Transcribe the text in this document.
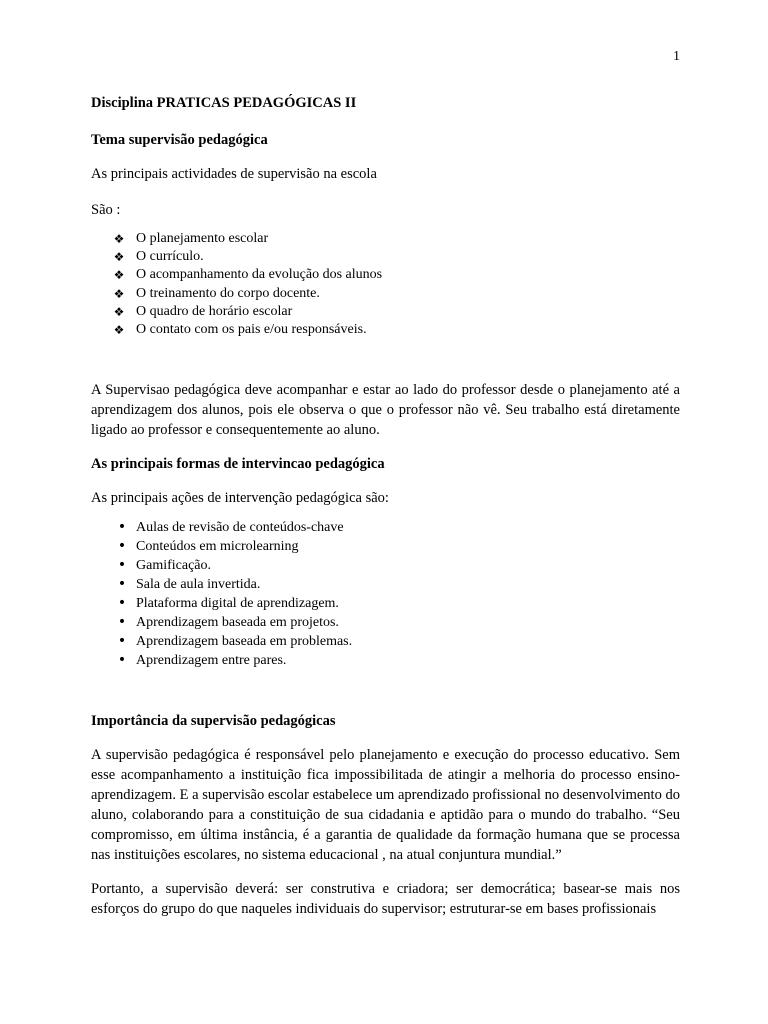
1

Disciplina PRATICAS PEDAGÓGICAS II

Tema supervisão pedagógica

As principais actividades de supervisão na escola

São :

❖ O planejamento escolar
❖ O currículo.
❖ O acompanhamento da evolução dos alunos
❖ O treinamento do corpo docente.
❖ O quadro de horário escolar
❖ O contato com os pais e/ou responsáveis.

A Supervisao pedagógica deve acompanhar e estar ao lado do professor desde o planejamento até a aprendizagem dos alunos, pois ele observa o que o professor não vê. Seu trabalho está diretamente ligado ao professor e consequentemente ao aluno.

As principais formas de intervincao pedagógica

As principais ações de intervenção pedagógica são:

• Aulas de revisão de conteúdos-chave
• Conteúdos em microlearning
• Gamificação.
• Sala de aula invertida.
• Plataforma digital de aprendizagem.
• Aprendizagem baseada em projetos.
• Aprendizagem baseada em problemas.
• Aprendizagem entre pares.

Importância da supervisão pedagógicas

A supervisão pedagógica é responsável pelo planejamento e execução do processo educativo. Sem esse acompanhamento a instituição fica impossibilitada de atingir a melhoria do processo ensino-aprendizagem. E a supervisão escolar estabelece um aprendizado profissional no desenvolvimento do aluno, colaborando para a constituição de sua cidadania e aptidão para o mundo do trabalho. “Seu compromisso, em última instância, é a garantia de qualidade da formação humana que se processa nas instituições escolares, no sistema educacional , na atual conjuntura mundial.”

Portanto, a supervisão deverá: ser construtiva e criadora; ser democrática; basear-se mais nos esforços do grupo do que naqueles individuais do supervisor; estruturar-se em bases profissionais
